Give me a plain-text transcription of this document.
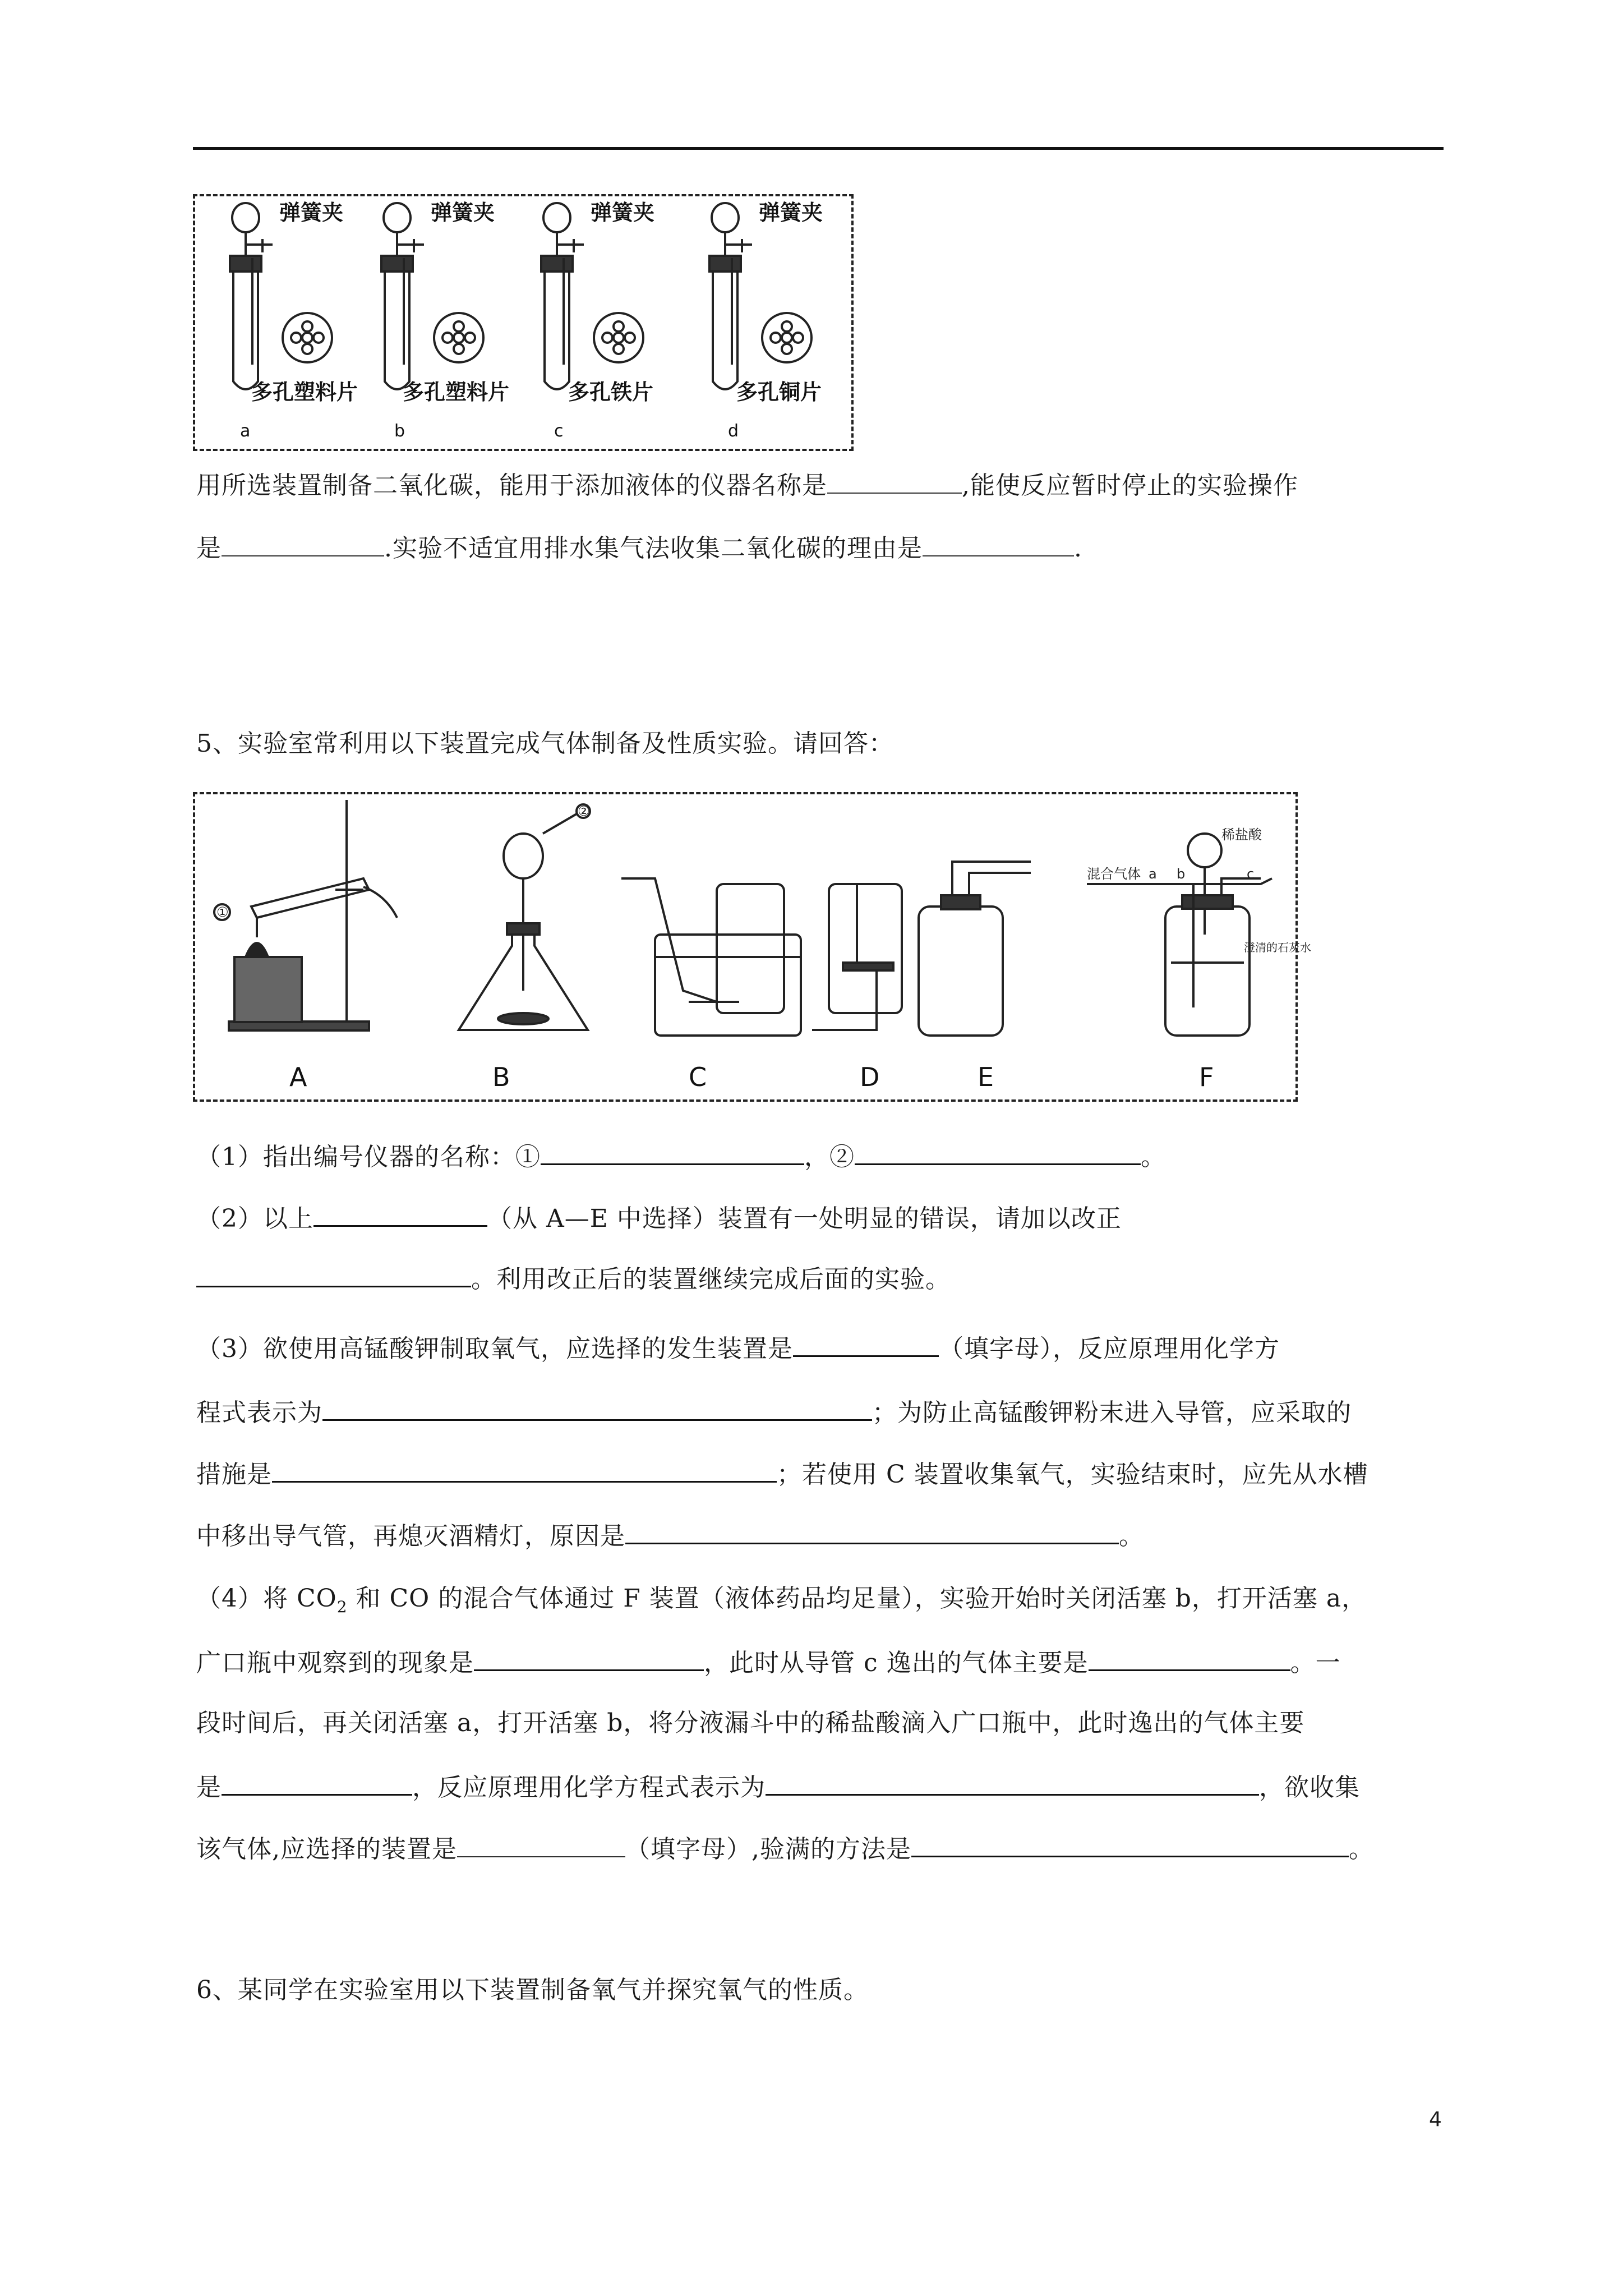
弹簧夹	弹簧夹	弹簧夹	弹簧夹
多孔塑料片 多孔塑料片	多孔铁片	多孔铜片
a	b	c	d
用所选装置制备二氧化碳，能用于添加液体的仪器名称是	,能使反应暂时停止的实验操作
是	.实验不适宜用排水集气法收集二氧化碳的理由是	.
5、实验室常利用以下装置完成气体制备及性质实验。请回答：
①
②
混合气体 a b	c
稀盐酸
澄清的石灰水
A	B	C	D	E	F
（1）指出编号仪器的名称：①	，②	。
（2）以上	（从 A—E 中选择）装置有一处明显的错误，请加以改正
。利用改正后的装置继续完成后面的实验。
（3）欲使用高锰酸钾制取氧气，应选择的发生装置是	（填字母），反应原理用化学方
程式表示为	；为防止高锰酸钾粉末进入导管，应采取的
措施是	；若使用 C 装置收集氧气，实验结束时，应先从水槽
中移出导气管，再熄灭酒精灯，原因是	。
（4）将 $CO_2$ 和 CO 的混合气体通过 F 装置（液体药品均足量），实验开始时关闭活塞 b，打开活塞 a，
广口瓶中观察到的现象是	，此时从导管 c 逸出的气体主要是	。一
段时间后，再关闭活塞 a，打开活塞 b，将分液漏斗中的稀盐酸滴入广口瓶中，此时逸出的气体主要
是	，反应原理用化学方程式表示为	，欲收集
该气体,应选择的装置是	（填字母）,验满的方法是	。
6、某同学在实验室用以下装置制备氧气并探究氧气的性质。
4
